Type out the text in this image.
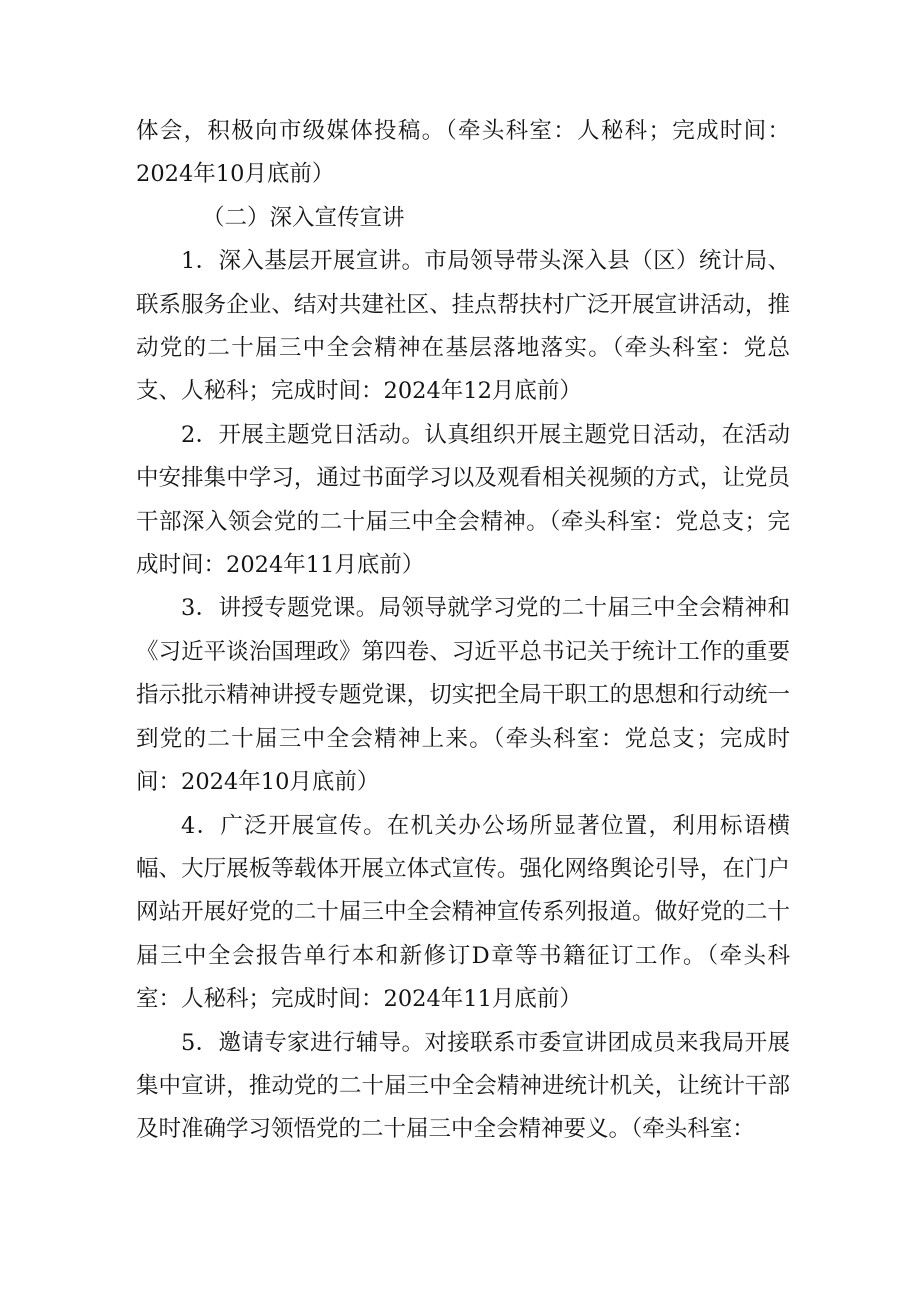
体会，积极向市级媒体投稿。（牵头科室：人秘科；完成时间：2024年10月底前）

（二）深入宣传宣讲

1．深入基层开展宣讲。市局领导带头深入县（区）统计局、联系服务企业、结对共建社区、挂点帮扶村广泛开展宣讲活动，推动党的二十届三中全会精神在基层落地落实。（牵头科室：党总支、人秘科；完成时间：2024年12月底前）

2．开展主题党日活动。认真组织开展主题党日活动，在活动中安排集中学习，通过书面学习以及观看相关视频的方式，让党员干部深入领会党的二十届三中全会精神。（牵头科室：党总支；完成时间：2024年11月底前）

3．讲授专题党课。局领导就学习党的二十届三中全会精神和《习近平谈治国理政》第四卷、习近平总书记关于统计工作的重要指示批示精神讲授专题党课，切实把全局干职工的思想和行动统一到党的二十届三中全会精神上来。（牵头科室：党总支；完成时间：2024年10月底前）

4．广泛开展宣传。在机关办公场所显著位置，利用标语横幅、大厅展板等载体开展立体式宣传。强化网络舆论引导，在门户网站开展好党的二十届三中全会精神宣传系列报道。做好党的二十届三中全会报告单行本和新修订D章等书籍征订工作。（牵头科室：人秘科；完成时间：2024年11月底前）

5．邀请专家进行辅导。对接联系市委宣讲团成员来我局开展集中宣讲，推动党的二十届三中全会精神进统计机关，让统计干部及时准确学习领悟党的二十届三中全会精神要义。（牵头科室：
